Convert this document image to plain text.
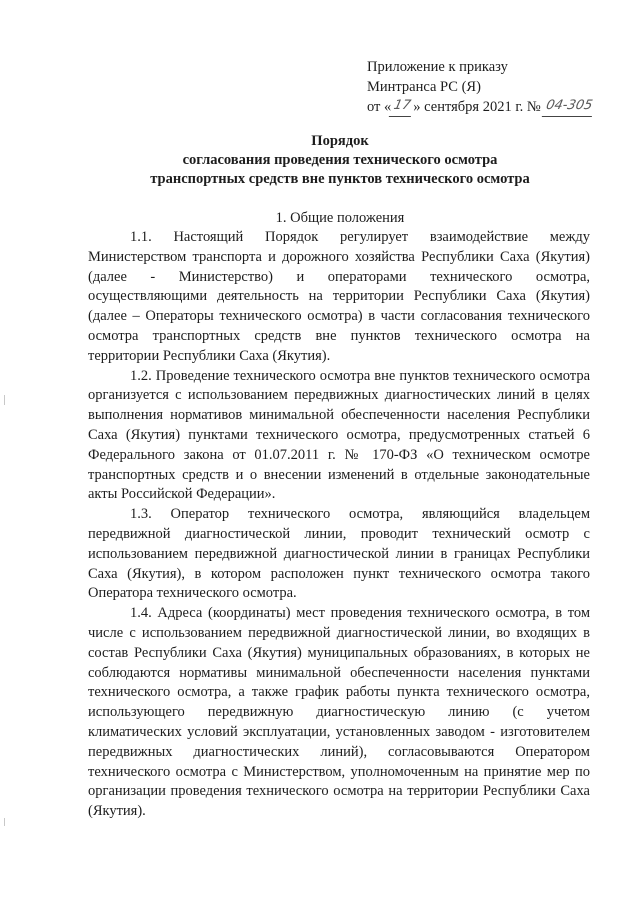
Приложение к приказу
Минтранса РС (Я)
от «17» сентября 2021 г. № 04-305
Порядок
согласования проведения технического осмотра
транспортных средств вне пунктов технического осмотра
1. Общие положения

1.1. Настоящий Порядок регулирует взаимодействие между Министерством транспорта и дорожного хозяйства Республики Саха (Якутия) (далее - Министерство) и операторами технического осмотра, осуществляющими деятельность на территории Республики Саха (Якутия) (далее – Операторы технического осмотра) в части согласования технического осмотра транспортных средств вне пунктов технического осмотра на территории Республики Саха (Якутия).

1.2. Проведение технического осмотра вне пунктов технического осмотра организуется с использованием передвижных диагностических линий в целях выполнения нормативов минимальной обеспеченности населения Республики Саха (Якутия) пунктами технического осмотра, предусмотренных статьей 6 Федерального закона от 01.07.2011 г. № 170-ФЗ «О техническом осмотре транспортных средств и о внесении изменений в отдельные законодательные акты Российской Федерации».

1.3. Оператор технического осмотра, являющийся владельцем передвижной диагностической линии, проводит технический осмотр с использованием передвижной диагностической линии в границах Республики Саха (Якутия), в котором расположен пункт технического осмотра такого Оператора технического осмотра.

1.4. Адреса (координаты) мест проведения технического осмотра, в том числе с использованием передвижной диагностической линии, во входящих в состав Республики Саха (Якутия) муниципальных образованиях, в которых не соблюдаются нормативы минимальной обеспеченности населения пунктами технического осмотра, а также график работы пункта технического осмотра, использующего передвижную диагностическую линию (с учетом климатических условий эксплуатации, установленных заводом - изготовителем передвижных диагностических линий), согласовываются Оператором технического осмотра с Министерством, уполномоченным на принятие мер по организации проведения технического осмотра на территории Республики Саха (Якутия).
